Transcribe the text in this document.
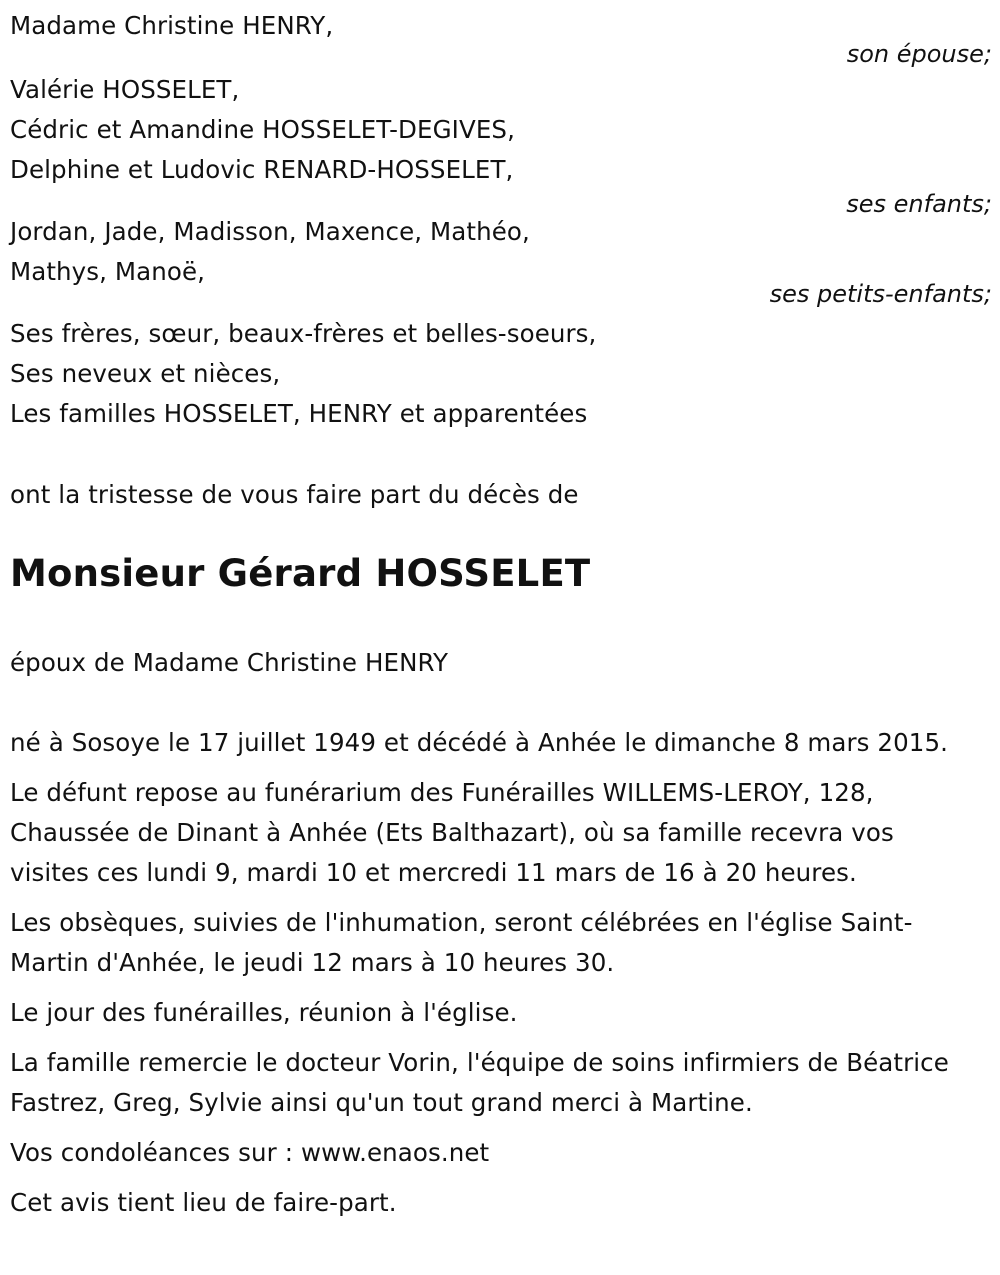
Madame Christine HENRY,
son épouse;
Valérie HOSSELET,
Cédric et Amandine HOSSELET-DEGIVES,
Delphine et Ludovic RENARD-HOSSELET,
ses enfants;
Jordan, Jade, Madisson, Maxence, Mathéo,
Mathys, Manoë,
ses petits-enfants;
Ses frères, sœur, beaux-frères et belles-soeurs,
Ses neveux et nièces,
Les familles HOSSELET, HENRY et apparentées
ont la tristesse de vous faire part du décès de
Monsieur Gérard HOSSELET
époux de Madame Christine HENRY
né à Sosoye le 17 juillet 1949 et décédé à Anhée le dimanche 8 mars 2015.
Le défunt repose au funérarium des Funérailles WILLEMS-LEROY, 128, Chaussée de Dinant à Anhée (Ets Balthazart), où sa famille recevra vos visites ces lundi 9, mardi 10 et mercredi 11 mars de 16 à 20 heures.
Les obsèques, suivies de l'inhumation, seront célébrées en l'église Saint-Martin d'Anhée, le jeudi 12 mars à 10 heures 30.
Le jour des funérailles, réunion à l'église.
La famille remercie le docteur Vorin, l'équipe de soins infirmiers de Béatrice Fastrez, Greg, Sylvie ainsi qu'un tout grand merci à Martine.
Vos condoléances sur : www.enaos.net
Cet avis tient lieu de faire-part.
